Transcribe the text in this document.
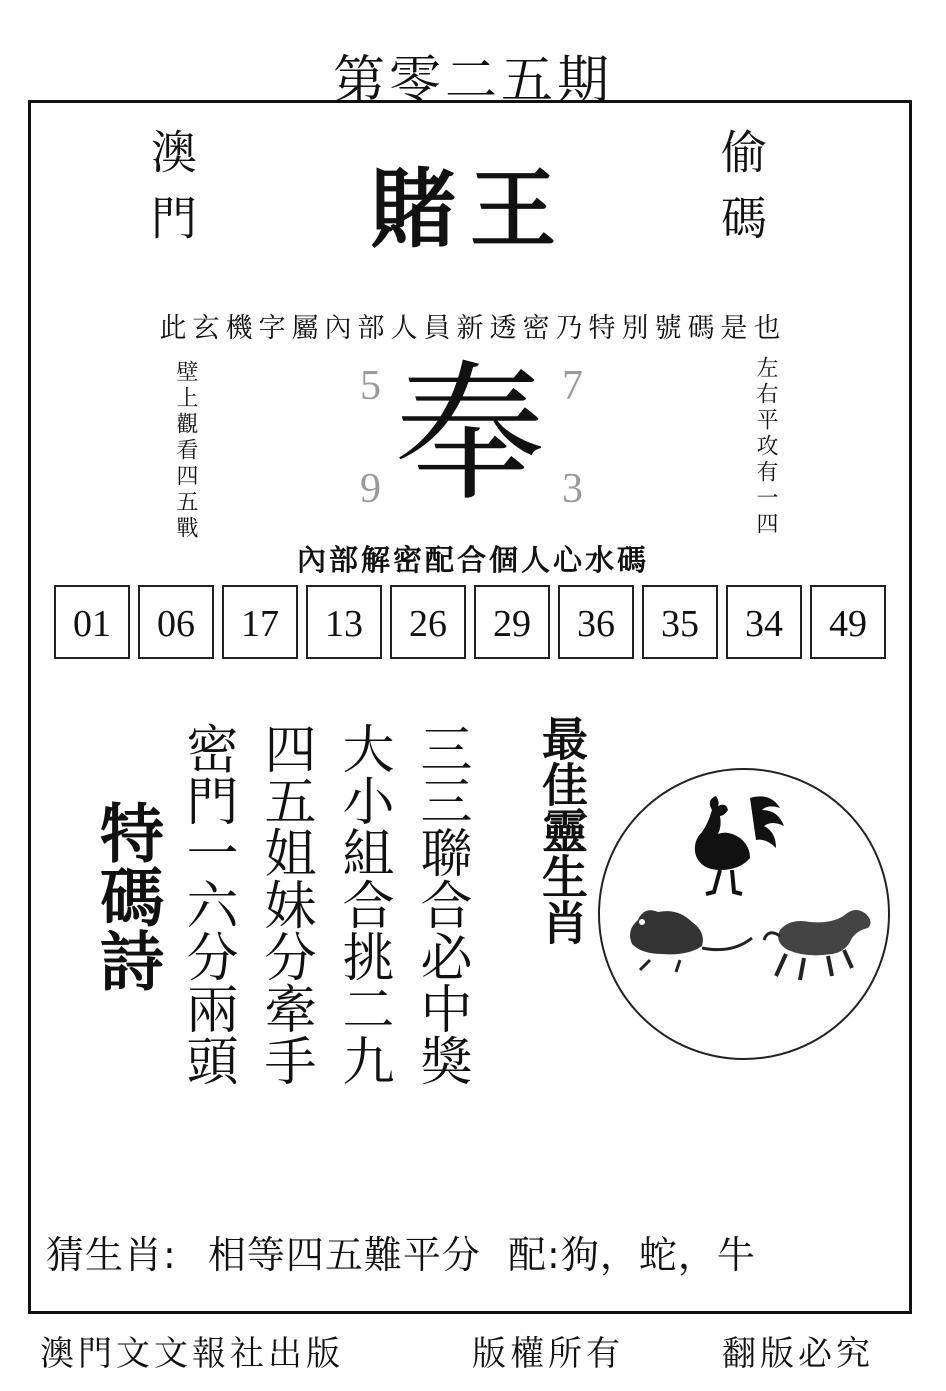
第零二五期
澳門	偷碼
賭王
此玄機字屬內部人員新透密乃特別號碼是也
壁上觀看四五戰	左右平攻有一四
5	7
9	3
奉
內部解密配合個人心水碼
01	06	17	13	26	29	36	35	34	49
特碼詩	三三聯合必中獎
大小組合挑二九
四五姐妹分牽手
密門一六分兩頭	最佳靈生肖
猜生肖: 相等四五難平分 配:狗，蛇，牛
澳門文文報社出版	版權所有	翻版必究
